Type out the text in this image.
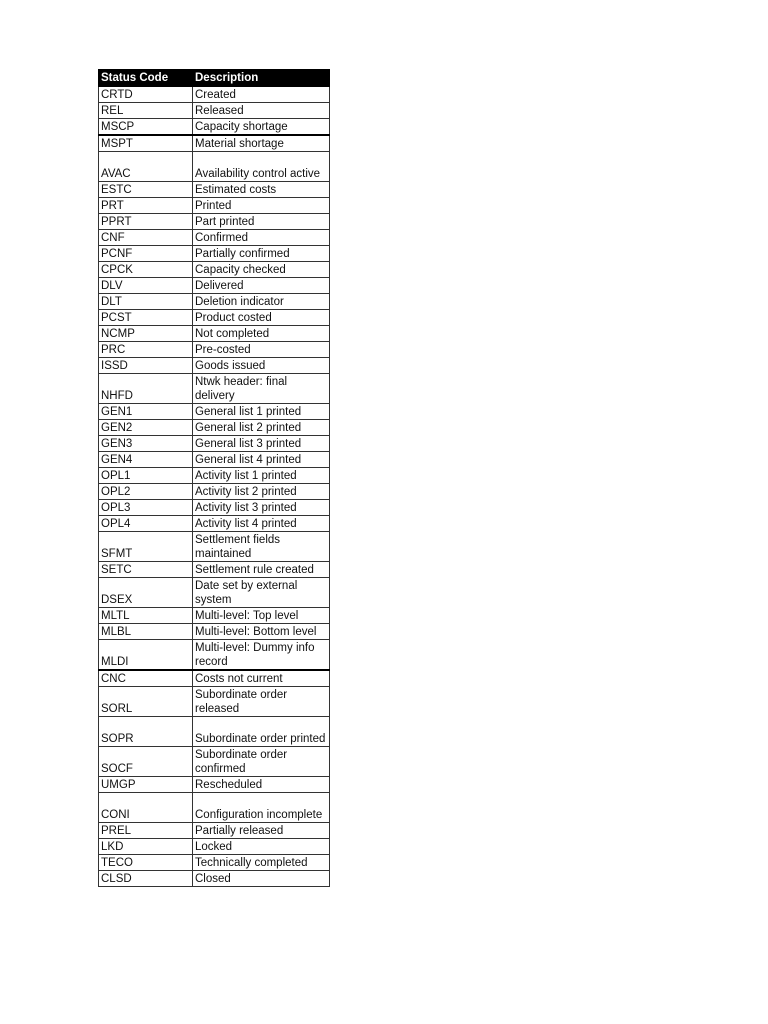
Status Code	Description
CRTD	Created
REL	Released
MSCP	Capacity shortage
MSPT	Material shortage
AVAC	Availability control active
ESTC	Estimated costs
PRT	Printed
PPRT	Part printed
CNF	Confirmed
PCNF	Partially confirmed
CPCK	Capacity checked
DLV	Delivered
DLT	Deletion indicator
PCST	Product costed
NCMP	Not completed
PRC	Pre-costed
ISSD	Goods issued
NHFD	Ntwk header: final delivery
GEN1	General list 1 printed
GEN2	General list 2 printed
GEN3	General list 3 printed
GEN4	General list 4 printed
OPL1	Activity list 1 printed
OPL2	Activity list 2 printed
OPL3	Activity list 3 printed
OPL4	Activity list 4 printed
SFMT	Settlement fields maintained
SETC	Settlement rule created
DSEX	Date set by external system
MLTL	Multi-level: Top level
MLBL	Multi-level: Bottom level
MLDI	Multi-level: Dummy info record
CNC	Costs not current
SORL	Subordinate order released
SOPR	Subordinate order printed
SOCF	Subordinate order confirmed
UMGP	Rescheduled
CONI	Configuration incomplete
PREL	Partially released
LKD	Locked
TECO	Technically completed
CLSD	Closed
